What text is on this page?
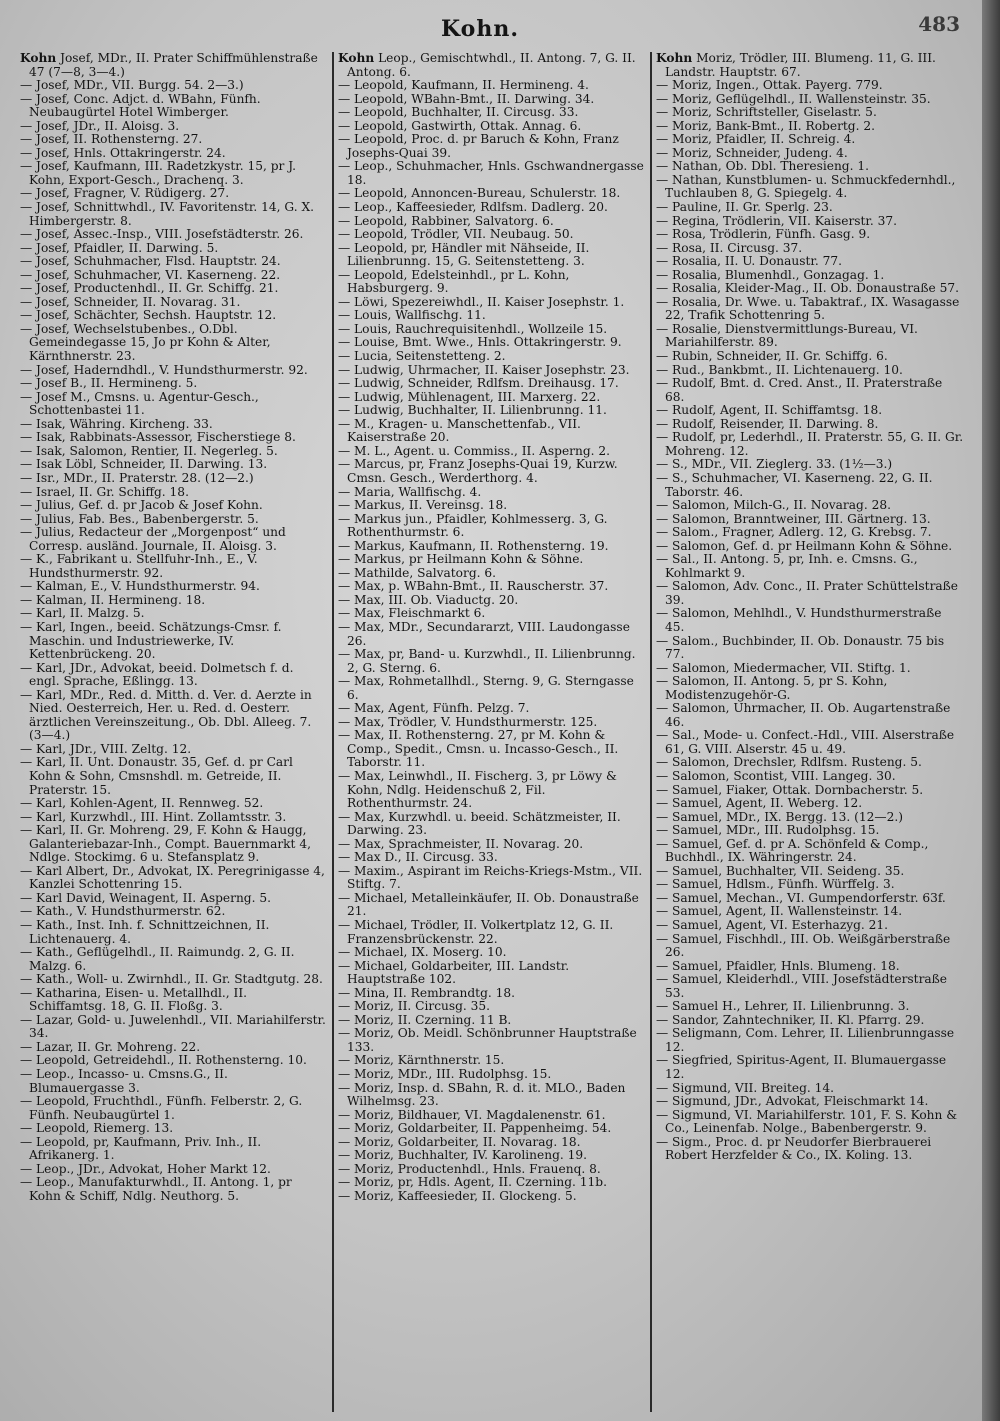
Kohn.	483

Kohn Josef, MDr., II. Prater Schiffmühlenstraße 47 (7—8, 3—4.)

— Josef, MDr., VII. Burgg. 54. 2—3.)

— Josef, Conc. Adjct. d. WBahn, Fünfh. Neubaugürtel Hotel Wimberger.

— Josef, JDr., II. Aloisg. 3.

— Josef, II. Rothensterng. 27.

— Josef, Hnls. Ottakringerstr. 24.

— Josef, Kaufmann, III. Radetzkystr. 15, pr J. Kohn, Export-Gesch., Drachenq. 3.

— Josef, Fragner, V. Rüdigerg. 27.

— Josef, Schnittwhdl., IV. Favoritenstr. 14, G. X. Himbergerstr. 8.

— Josef, Assec.-Insp., VIII. Josefstädterstr. 26.

— Josef, Pfaidler, II. Darwing. 5.

— Josef, Schuhmacher, Flsd. Hauptstr. 24.

— Josef, Schuhmacher, VI. Kaserneng. 22.

— Josef, Productenhdl., II. Gr. Schiffg. 21.

— Josef, Schneider, II. Novarag. 31.

— Josef, Schächter, Sechsh. Hauptstr. 12.

— Josef, Wechselstubenbes., O.Dbl. Gemeindegasse 15, Jo pr Kohn & Alter, Kärnthnerstr. 23.

— Josef, Haderndhdl., V. Hundsthurmerstr. 92.

— Josef B., II. Hermineng. 5.

— Josef M., Cmsns. u. Agentur-Gesch., Schottenbastei 11.

— Isak, Währing. Kircheng. 33.

— Isak, Rabbinats-Assessor, Fischerstiege 8.

— Isak, Salomon, Rentier, II. Negerleg. 5.

— Isak Löbl, Schneider, II. Darwing. 13.

— Isr., MDr., II. Praterstr. 28. (12—2.)

— Israel, II. Gr. Schiffg. 18.

— Julius, Gef. d. pr Jacob & Josef Kohn.

— Julius, Fab. Bes., Babenbergerstr. 5.

— Julius, Redacteur der „Morgenpost“ und Corresp. ausländ. Journale, II. Aloisg. 3.

— K., Fabrikant u. Stellfuhr-Inh., E., V. Hundsthurmerstr. 92.

— Kalman, E., V. Hundsthurmerstr. 94.

— Kalman, II. Hermineng. 18.

— Karl, II. Malzg. 5.

— Karl, Ingen., beeid. Schätzungs-Cmsr. f. Maschin. und Industriewerke, IV. Kettenbrückeng. 20.

— Karl, JDr., Advokat, beeid. Dolmetsch f. d. engl. Sprache, Eßlingg. 13.

— Karl, MDr., Red. d. Mitth. d. Ver. d. Aerzte in Nied. Oesterreich, Her. u. Red. d. Oesterr. ärztlichen Vereinszeitung., Ob. Dbl. Alleeg. 7. (3—4.)

— Karl, JDr., VIII. Zeltg. 12.

— Karl, II. Unt. Donaustr. 35, Gef. d. pr Carl Kohn & Sohn, Cmsnshdl. m. Getreide, II. Praterstr. 15.

— Karl, Kohlen-Agent, II. Rennweg. 52.

— Karl, Kurzwhdl., III. Hint. Zollamtsstr. 3.

— Karl, II. Gr. Mohreng. 29, F. Kohn & Haugg, Galanteriebazar-Inh., Compt. Bauernmarkt 4, Ndlge. Stockimg. 6 u. Stefansplatz 9.

— Karl Albert, Dr., Advokat, IX. Peregrinigasse 4, Kanzlei Schottenring 15.

— Karl David, Weinagent, II. Asperng. 5.

— Kath., V. Hundsthurmerstr. 62.

— Kath., Inst. Inh. f. Schnittzeichnen, II. Lichtenauerg. 4.

— Kath., Geflügelhdl., II. Raimundg. 2, G. II. Malzg. 6.

— Kath., Woll- u. Zwirnhdl., II. Gr. Stadtgutg. 28.

— Katharina, Eisen- u. Metallhdl., II. Schiffamtsg. 18, G. II. Floßg. 3.

— Lazar, Gold- u. Juwelenhdl., VII. Mariahilferstr. 34.

— Lazar, II. Gr. Mohreng. 22.

— Leopold, Getreidehdl., II. Rothensterng. 10.

— Leop., Incasso- u. Cmsns.G., II. Blumauergasse 3.

— Leopold, Fruchthdl., Fünfh. Felberstr. 2, G. Fünfh. Neubaugürtel 1.

— Leopold, Riemerg. 13.

— Leopold, pr, Kaufmann, Priv. Inh., II. Afrikanerg. 1.

— Leop., JDr., Advokat, Hoher Markt 12.

— Leop., Manufakturwhdl., II. Antong. 1, pr Kohn & Schiff, Ndlg. Neuthorg. 5.

Kohn Leop., Gemischtwhdl., II. Antong. 7, G. II. Antong. 6.

— Leopold, Kaufmann, II. Hermineng. 4.

— Leopold, WBahn-Bmt., II. Darwing. 34.

— Leopold, Buchhalter, II. Circusg. 33.

— Leopold, Gastwirth, Ottak. Annag. 6.

— Leopold, Proc. d. pr Baruch & Kohn, Franz Josephs-Quai 39.

— Leop., Schuhmacher, Hnls. Gschwandnergasse 18.

— Leopold, Annoncen-Bureau, Schulerstr. 18.

— Leop., Kaffeesieder, Rdlfsm. Dadlerg. 20.

— Leopold, Rabbiner, Salvatorg. 6.

— Leopold, Trödler, VII. Neubaug. 50.

— Leopold, pr, Händler mit Nähseide, II. Lilienbrunng. 15, G. Seitenstetteng. 3.

— Leopold, Edelsteinhdl., pr L. Kohn, Habsburgerg. 9.

— Löwi, Spezereiwhdl., II. Kaiser Josephstr. 1.

— Louis, Wallfischg. 11.

— Louis, Rauchrequisitenhdl., Wollzeile 15.

— Louise, Bmt. Wwe., Hnls. Ottakringerstr. 9.

— Lucia, Seitenstetteng. 2.

— Ludwig, Uhrmacher, II. Kaiser Josephstr. 23.

— Ludwig, Schneider, Rdlfsm. Dreihausg. 17.

— Ludwig, Mühlenagent, III. Marxerg. 22.

— Ludwig, Buchhalter, II. Lilienbrunng. 11.

— M., Kragen- u. Manschettenfab., VII. Kaiserstraße 20.

— M. L., Agent. u. Commiss., II. Asperng. 2.

— Marcus, pr, Franz Josephs-Quai 19, Kurzw. Cmsn. Gesch., Werderthorg. 4.

— Maria, Wallfischg. 4.

— Markus, II. Vereinsg. 18.

— Markus jun., Pfaidler, Kohlmesserg. 3, G. Rothenthurmstr. 6.

— Markus, Kaufmann, II. Rothensterng. 19.

— Markus, pr Heilmann Kohn & Söhne.

— Mathilde, Salvatorg. 6.

— Max, p. WBahn-Bmt., II. Rauscherstr. 37.

— Max, III. Ob. Viaductg. 20.

— Max, Fleischmarkt 6.

— Max, MDr., Secundararzt, VIII. Laudongasse 26.

— Max, pr, Band- u. Kurzwhdl., II. Lilienbrunng. 2, G. Sterng. 6.

— Max, Rohmetallhdl., Sterng. 9, G. Sterngasse 6.

— Max, Agent, Fünfh. Pelzg. 7.

— Max, Trödler, V. Hundsthurmerstr. 125.

— Max, II. Rothensterng. 27, pr M. Kohn & Comp., Spedit., Cmsn. u. Incasso-Gesch., II. Taborstr. 11.

— Max, Leinwhdl., II. Fischerg. 3, pr Löwy & Kohn, Ndlg. Heidenschuß 2, Fil. Rothenthurmstr. 24.

— Max, Kurzwhdl. u. beeid. Schätzmeister, II. Darwing. 23.

— Max, Sprachmeister, II. Novarag. 20.

— Max D., II. Circusg. 33.

— Maxim., Aspirant im Reichs-Kriegs-Mstm., VII. Stiftg. 7.

— Michael, Metalleinkäufer, II. Ob. Donaustraße 21.

— Michael, Trödler, II. Volkertplatz 12, G. II. Franzensbrückenstr. 22.

— Michael, IX. Moserg. 10.

— Michael, Goldarbeiter, III. Landstr. Hauptstraße 102.

— Mina, II. Rembrandtg. 18.

— Moriz, II. Circusg. 35.

— Moriz, II. Czerning. 11 B.

— Moriz, Ob. Meidl. Schönbrunner Hauptstraße 133.

— Moriz, Kärnthnerstr. 15.

— Moriz, MDr., III. Rudolphsg. 15.

— Moriz, Insp. d. SBahn, R. d. it. MLO., Baden Wilhelmsg. 23.

— Moriz, Bildhauer, VI. Magdalenenstr. 61.

— Moriz, Goldarbeiter, II. Pappenheimg. 54.

— Moriz, Goldarbeiter, II. Novarag. 18.

— Moriz, Buchhalter, IV. Karolineng. 19.

— Moriz, Productenhdl., Hnls. Frauenq. 8.

— Moriz, pr, Hdls. Agent, II. Czerning. 11b.

— Moriz, Kaffeesieder, II. Glockeng. 5.

Kohn Moriz, Trödler, III. Blumeng. 11, G. III. Landstr. Hauptstr. 67.

— Moriz, Ingen., Ottak. Payerg. 779.

— Moriz, Geflügelhdl., II. Wallensteinstr. 35.

— Moriz, Schriftsteller, Giselastr. 5.

— Moriz, Bank-Bmt., II. Robertg. 2.

— Moriz, Pfaidler, II. Schreig. 4.

— Moriz, Schneider, Judeng. 4.

— Nathan, Ob. Dbl. Theresieng. 1.

— Nathan, Kunstblumen- u. Schmuckfedernhdl., Tuchlauben 8, G. Spiegelg. 4.

— Pauline, II. Gr. Sperlg. 23.

— Regina, Trödlerin, VII. Kaiserstr. 37.

— Rosa, Trödlerin, Fünfh. Gasg. 9.

— Rosa, II. Circusg. 37.

— Rosalia, II. U. Donaustr. 77.

— Rosalia, Blumenhdl., Gonzagag. 1.

— Rosalia, Kleider-Mag., II. Ob. Donaustraße 57.

— Rosalia, Dr. Wwe. u. Tabaktraf., IX. Wasagasse 22, Trafik Schottenring 5.

— Rosalie, Dienstvermittlungs-Bureau, VI. Mariahilferstr. 89.

— Rubin, Schneider, II. Gr. Schiffg. 6.

— Rud., Bankbmt., II. Lichtenauerg. 10.

— Rudolf, Bmt. d. Cred. Anst., II. Praterstraße 68.

— Rudolf, Agent, II. Schiffamtsg. 18.

— Rudolf, Reisender, II. Darwing. 8.

— Rudolf, pr, Lederhdl., II. Praterstr. 55, G. II. Gr. Mohreng. 12.

— S., MDr., VII. Zieglerg. 33. (1½—3.)

— S., Schuhmacher, VI. Kaserneng. 22, G. II. Taborstr. 46.

— Salomon, Milch-G., II. Novarag. 28.

— Salomon, Branntweiner, III. Gärtnerg. 13.

— Salom., Fragner, Adlerg. 12, G. Krebsg. 7.

— Salomon, Gef. d. pr Heilmann Kohn & Söhne.

— Sal., II. Antong. 5, pr, Inh. e. Cmsns. G., Kohlmarkt 9.

— Salomon, Adv. Conc., II. Prater Schüttelstraße 39.

— Salomon, Mehlhdl., V. Hundsthurmerstraße 45.

— Salom., Buchbinder, II. Ob. Donaustr. 75 bis 77.

— Salomon, Miedermacher, VII. Stiftg. 1.

— Salomon, II. Antong. 5, pr S. Kohn, Modistenzugehör-G.

— Salomon, Uhrmacher, II. Ob. Augartenstraße 46.

— Sal., Mode- u. Confect.-Hdl., VIII. Alserstraße 61, G. VIII. Alserstr. 45 u. 49.

— Salomon, Drechsler, Rdlfsm. Rusteng. 5.

— Salomon, Scontist, VIII. Langeg. 30.

— Samuel, Fiaker, Ottak. Dornbacherstr. 5.

— Samuel, Agent, II. Weberg. 12.

— Samuel, MDr., IX. Bergg. 13. (12—2.)

— Samuel, MDr., III. Rudolphsg. 15.

— Samuel, Gef. d. pr A. Schönfeld & Comp., Buchhdl., IX. Währingerstr. 24.

— Samuel, Buchhalter, VII. Seideng. 35.

— Samuel, Hdlsm., Fünfh. Würffelg. 3.

— Samuel, Mechan., VI. Gumpendorferstr. 63f.

— Samuel, Agent, II. Wallensteinstr. 14.

— Samuel, Agent, VI. Esterhazyg. 21.

— Samuel, Fischhdl., III. Ob. Weißgärberstraße 26.

— Samuel, Pfaidler, Hnls. Blumeng. 18.

— Samuel, Kleiderhdl., VIII. Josefstädterstraße 53.

— Samuel H., Lehrer, II. Lilienbrunng. 3.

— Sandor, Zahntechniker, II. Kl. Pfarrg. 29.

— Seligmann, Com. Lehrer, II. Lilienbrunngasse 12.

— Siegfried, Spiritus-Agent, II. Blumauergasse 12.

— Sigmund, VII. Breiteg. 14.

— Sigmund, JDr., Advokat, Fleischmarkt 14.

— Sigmund, VI. Mariahilferstr. 101, F. S. Kohn & Co., Leinenfab. Nolge., Babenbergerstr. 9.

— Sigm., Proc. d. pr Neudorfer Bierbrauerei Robert Herzfelder & Co., IX. Koling. 13.
